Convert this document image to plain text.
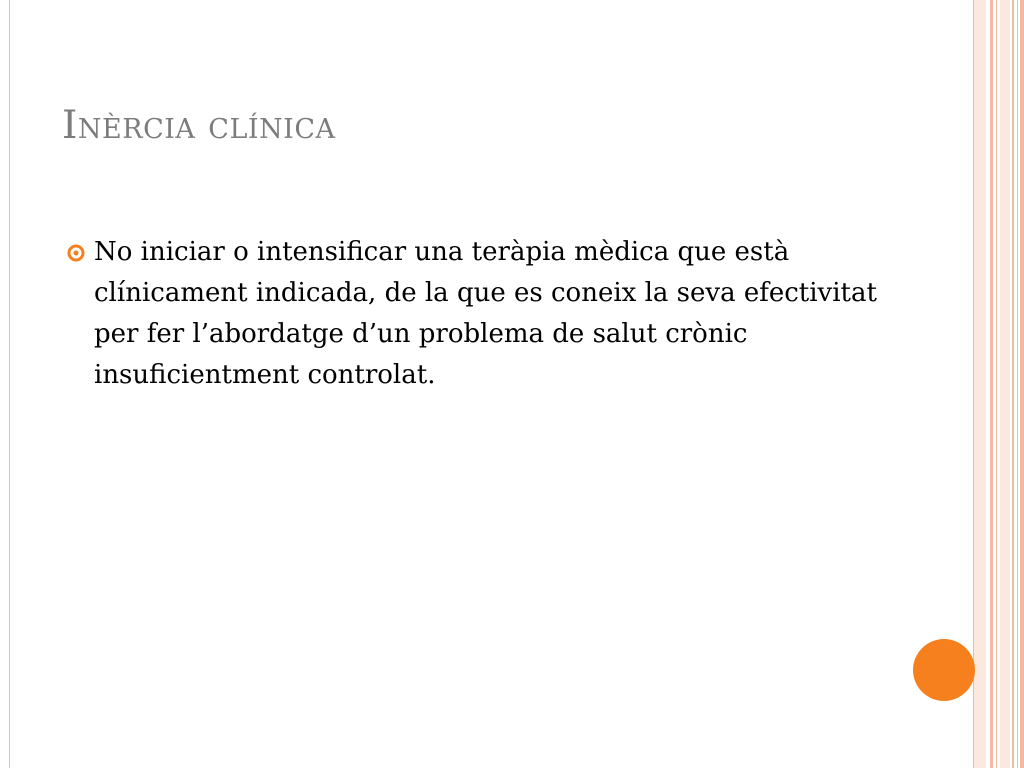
Inèrcia clínica

No iniciar o intensificar una teràpia mèdica que està clínicament indicada, de la que es coneix la seva efectivitat per fer l’abordatge d’un problema de salut crònic insuficientment controlat.
